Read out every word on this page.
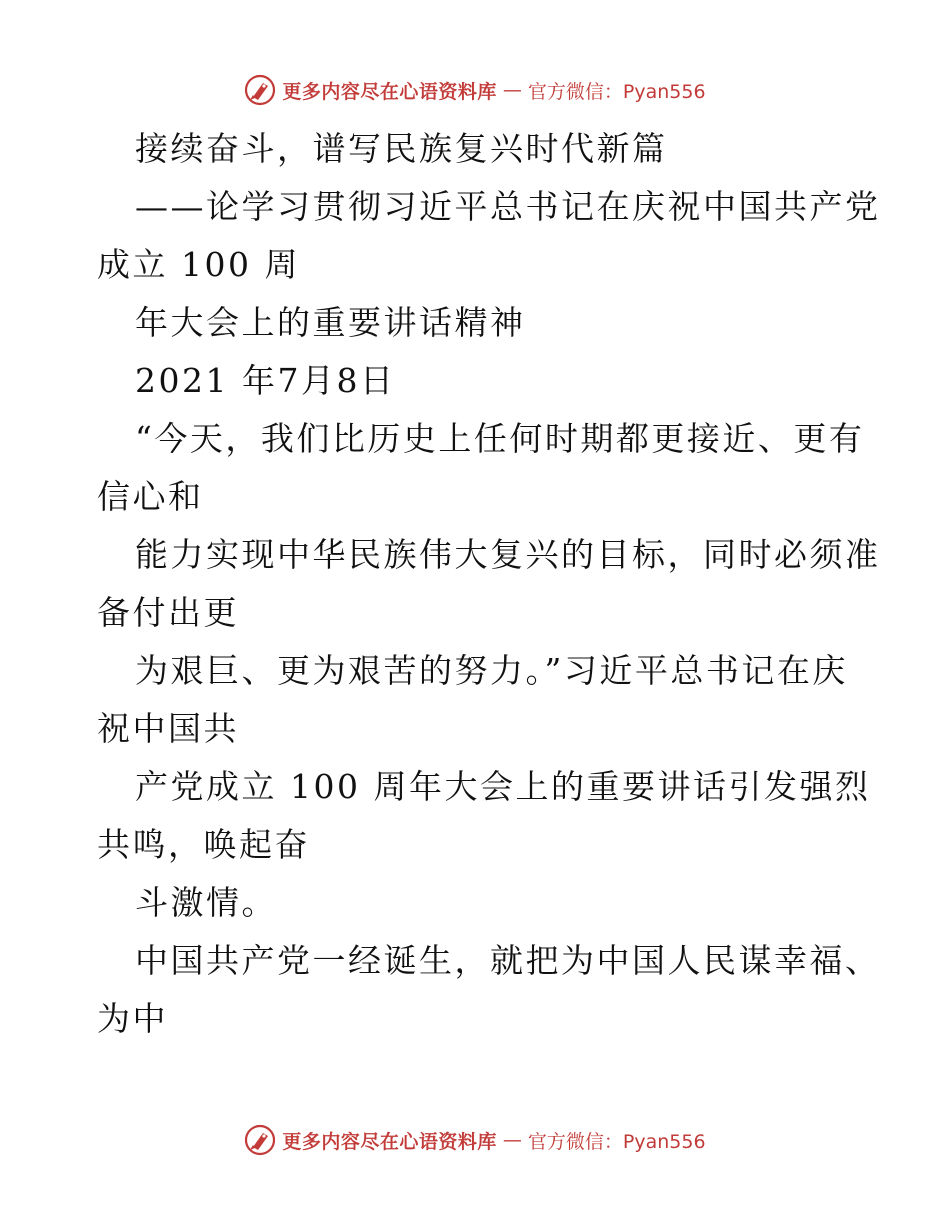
更多内容尽在心语资料库 — 官方微信：Pyan556
接续奋斗，谱写民族复兴时代新篇
——论学习贯彻习近平总书记在庆祝中国共产党
成立 100 周
年大会上的重要讲话精神
2021 年7月8日
“今天，我们比历史上任何时期都更接近、更有
信心和
能力实现中华民族伟大复兴的目标，同时必须准
备付出更
为艰巨、更为艰苦的努力。”习近平总书记在庆
祝中国共
产党成立 100 周年大会上的重要讲话引发强烈
共鸣，唤起奋
斗激情。
中国共产党一经诞生，就把为中国人民谋幸福、
为中
更多内容尽在心语资料库 — 官方微信：Pyan556
